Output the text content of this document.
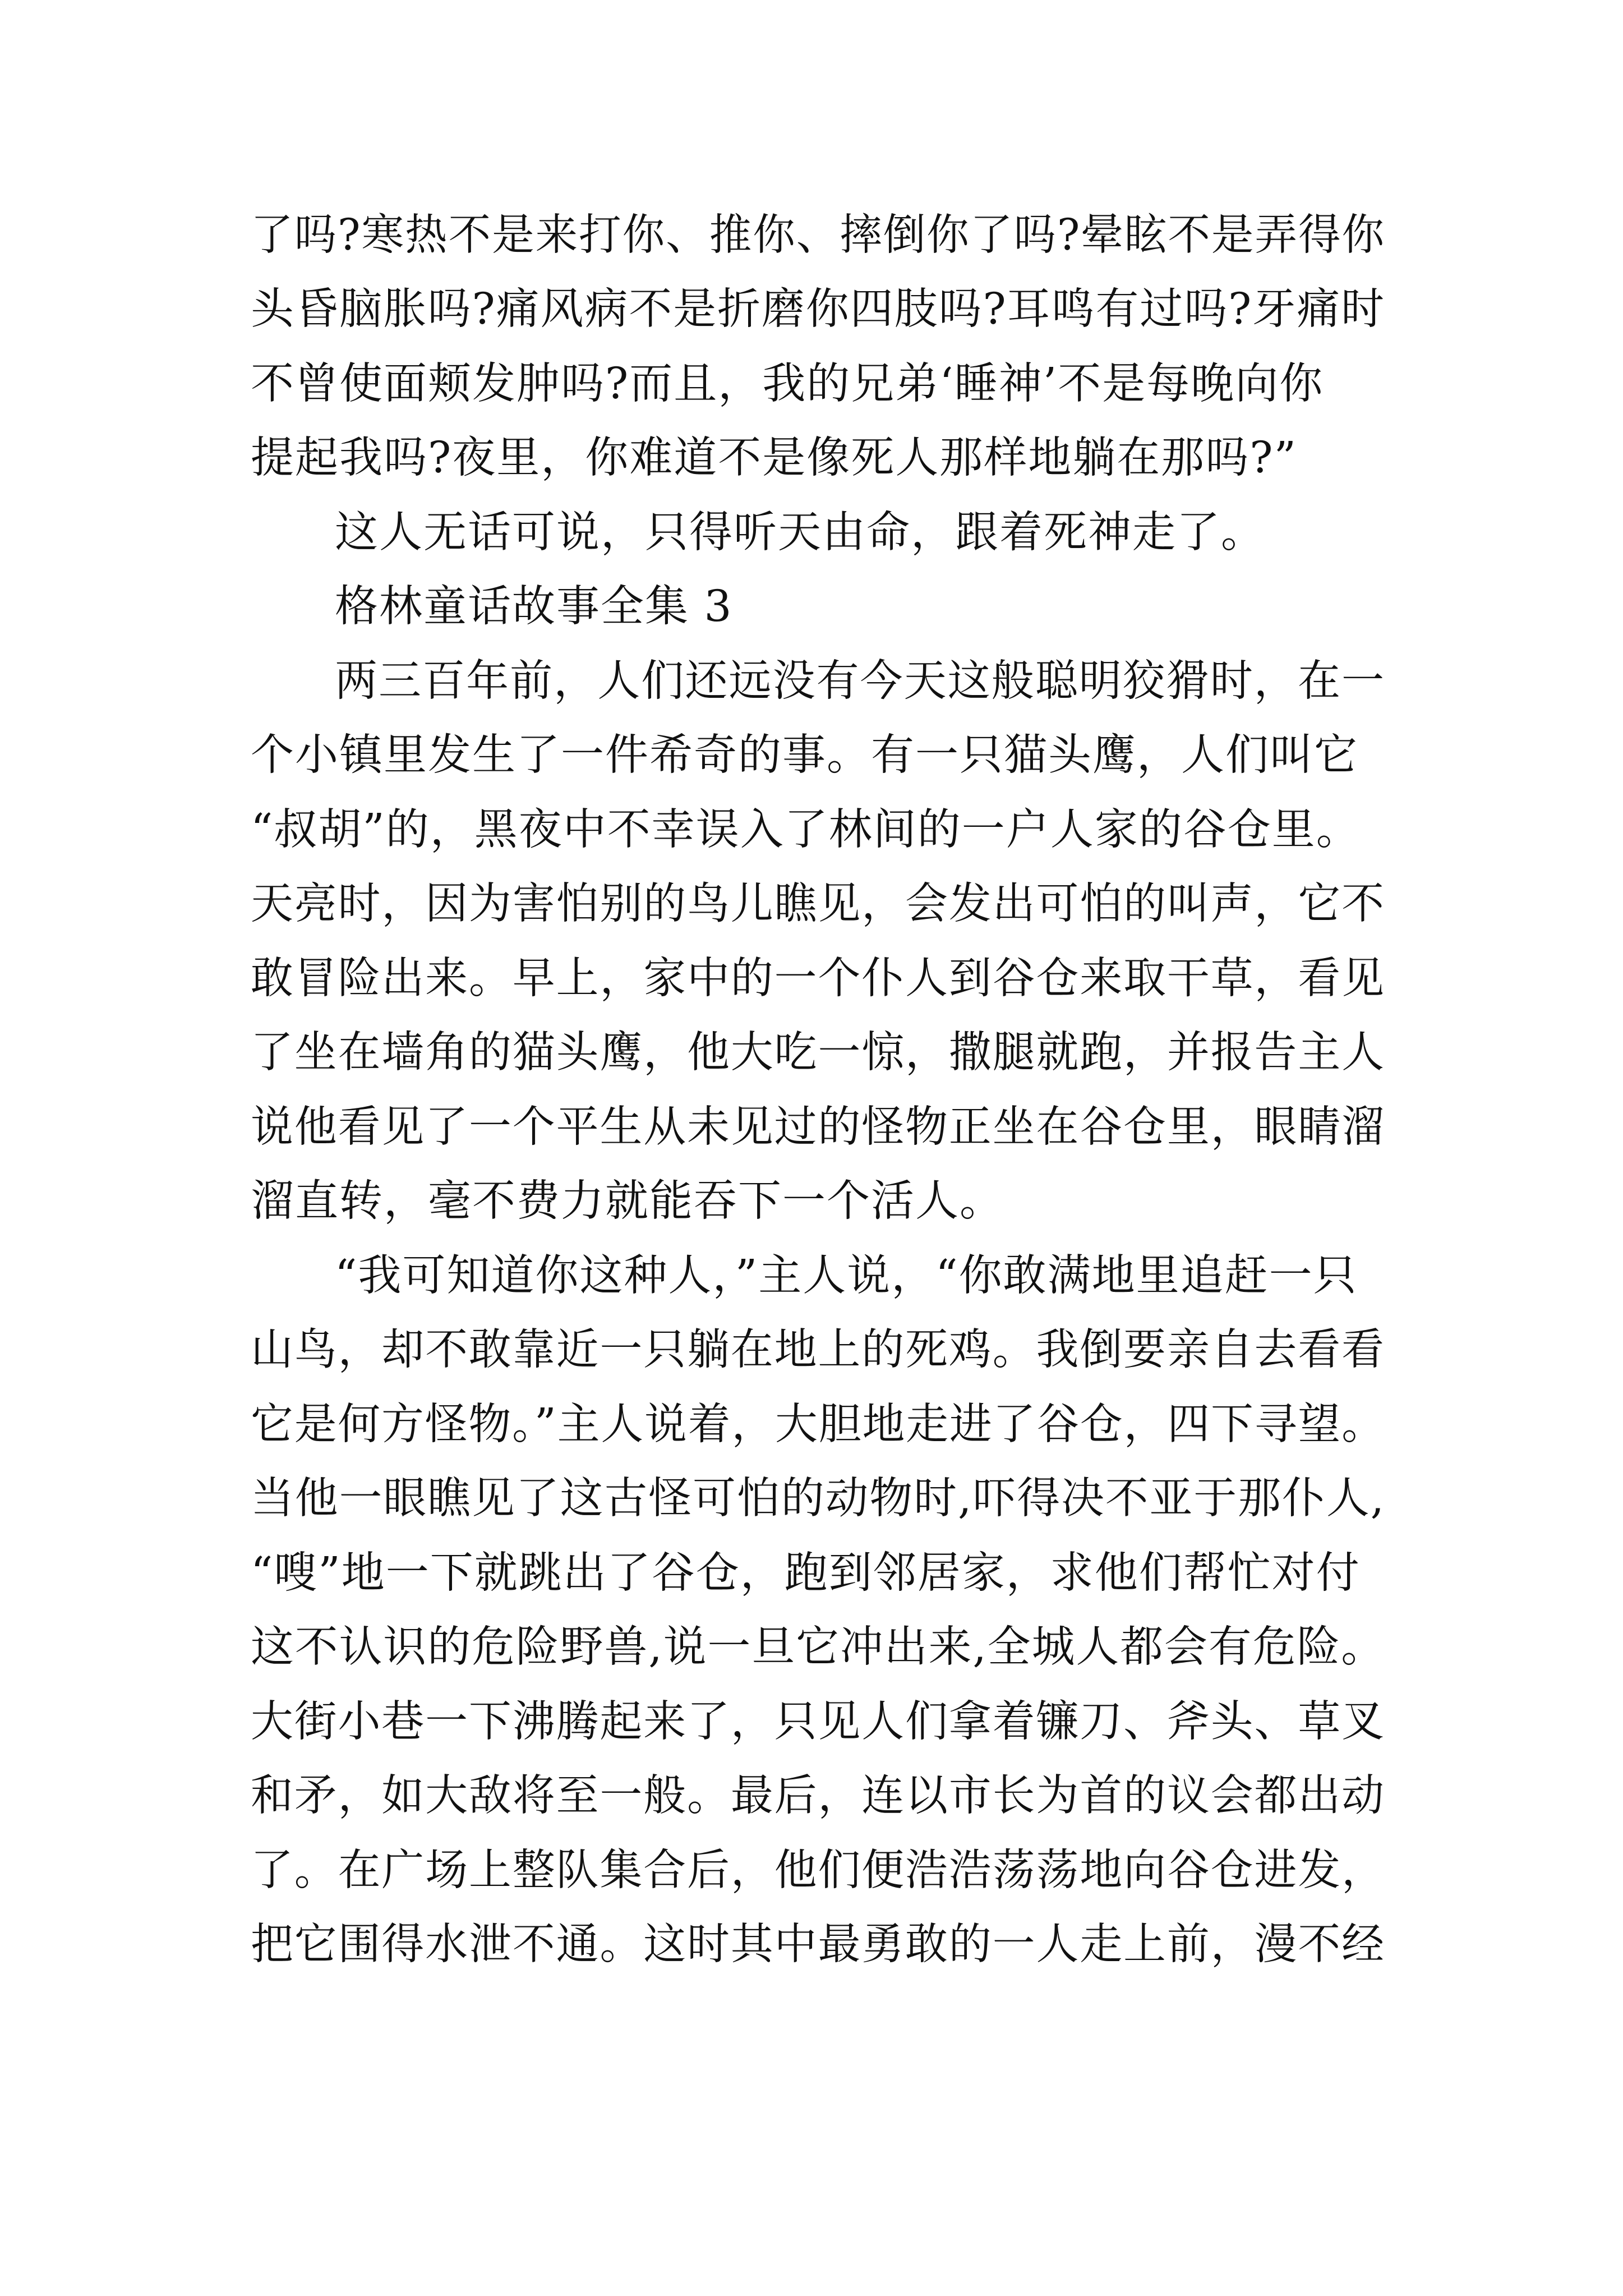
了吗?寒热不是来打你、推你、摔倒你了吗?晕眩不是弄得你
头昏脑胀吗?痛风病不是折磨你四肢吗?耳鸣有过吗?牙痛时
不曾使面颊发肿吗?而且，我的兄弟‘睡神’不是每晚向你
提起我吗?夜里，你难道不是像死人那样地躺在那吗?”
这人无话可说，只得听天由命，跟着死神走了。
格林童话故事全集 3
两三百年前，人们还远没有今天这般聪明狡猾时，在一
个小镇里发生了一件希奇的事。有一只猫头鹰，人们叫它
“叔胡”的，黑夜中不幸误入了林间的一户人家的谷仓里。
天亮时，因为害怕别的鸟儿瞧见，会发出可怕的叫声，它不
敢冒险出来。早上，家中的一个仆人到谷仓来取干草，看见
了坐在墙角的猫头鹰，他大吃一惊，撒腿就跑，并报告主人
说他看见了一个平生从未见过的怪物正坐在谷仓里，眼睛溜
溜直转，毫不费力就能吞下一个活人。
“我可知道你这种人，”主人说，“你敢满地里追赶一只
山鸟，却不敢靠近一只躺在地上的死鸡。我倒要亲自去看看
它是何方怪物。”主人说着，大胆地走进了谷仓，四下寻望。
当他一眼瞧见了这古怪可怕的动物时,吓得决不亚于那仆人,
“嗖”地一下就跳出了谷仓，跑到邻居家，求他们帮忙对付
这不认识的危险野兽,说一旦它冲出来,全城人都会有危险。
大街小巷一下沸腾起来了，只见人们拿着镰刀、斧头、草叉
和矛，如大敌将至一般。最后，连以市长为首的议会都出动
了。在广场上整队集合后，他们便浩浩荡荡地向谷仓进发，
把它围得水泄不通。这时其中最勇敢的一人走上前，漫不经
